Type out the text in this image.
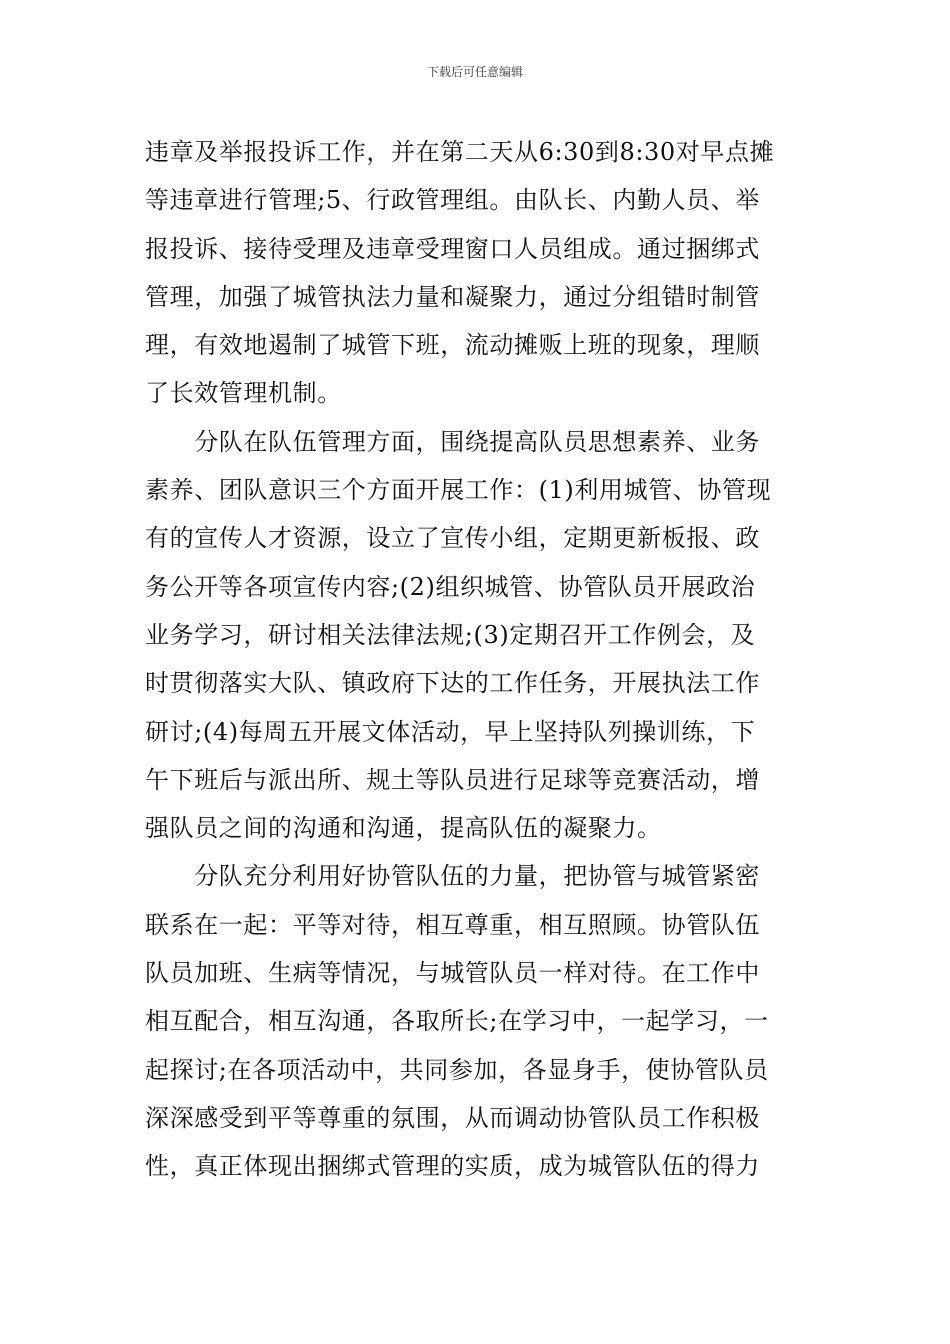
下载后可任意编辑
违章及举报投诉工作，并在第二天从6:30到8:30对早点摊
等违章进行管理;5、行政管理组。由队长、内勤人员、举
报投诉、接待受理及违章受理窗口人员组成。通过捆绑式
管理，加强了城管执法力量和凝聚力，通过分组错时制管
理，有效地遏制了城管下班，流动摊贩上班的现象，理顺
了长效管理机制。
　　分队在队伍管理方面，围绕提高队员思想素养、业务
素养、团队意识三个方面开展工作：(1)利用城管、协管现
有的宣传人才资源，设立了宣传小组，定期更新板报、政
务公开等各项宣传内容;(2)组织城管、协管队员开展政治
业务学习，研讨相关法律法规;(3)定期召开工作例会，及
时贯彻落实大队、镇政府下达的工作任务，开展执法工作
研讨;(4)每周五开展文体活动，早上坚持队列操训练，下
午下班后与派出所、规土等队员进行足球等竞赛活动，增
强队员之间的沟通和沟通，提高队伍的凝聚力。
　　分队充分利用好协管队伍的力量，把协管与城管紧密
联系在一起：平等对待，相互尊重，相互照顾。协管队伍
队员加班、生病等情况，与城管队员一样对待。在工作中
相互配合，相互沟通，各取所长;在学习中，一起学习，一
起探讨;在各项活动中，共同参加，各显身手，使协管队员
深深感受到平等尊重的氛围，从而调动协管队员工作积极
性，真正体现出捆绑式管理的实质，成为城管队伍的得力
